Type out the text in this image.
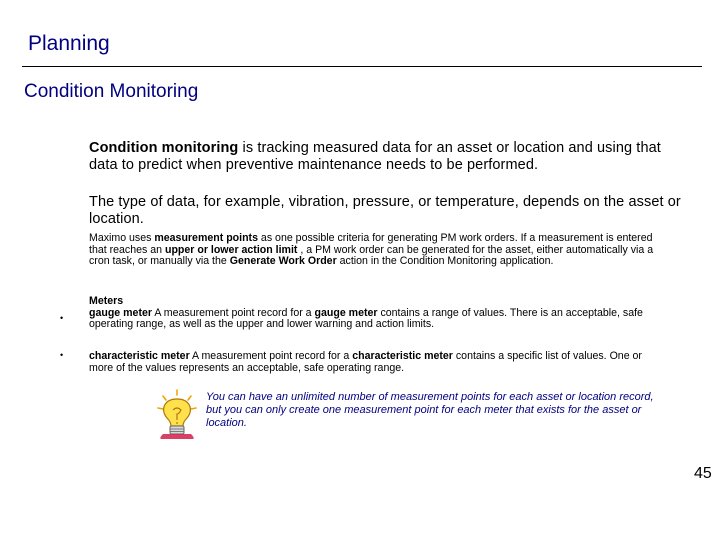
Planning
Condition Monitoring
Condition monitoring is tracking measured data for an asset or location and using that data to predict when preventive maintenance needs to be performed.
The type of data, for example, vibration, pressure, or temperature, depends on the asset or location.
Maximo uses measurement points as one possible criteria for generating PM work orders. If a measurement is entered that reaches an upper or lower action limit , a PM work order can be generated for the asset, either automatically via a cron task, or manually via the Generate Work Order action in the Condition Monitoring application.
•
Meters
gauge meter A measurement point record for a gauge meter contains a range of values. There is an acceptable, safe operating range, as well as the upper and lower warning and action limits.
• characteristic meter A measurement point record for a characteristic meter contains a specific list of values. One or more of the values represents an acceptable, safe operating range.
You can have an unlimited number of measurement points for each asset or location record, but you can only create one measurement point for each meter that exists for the asset or location.
45
